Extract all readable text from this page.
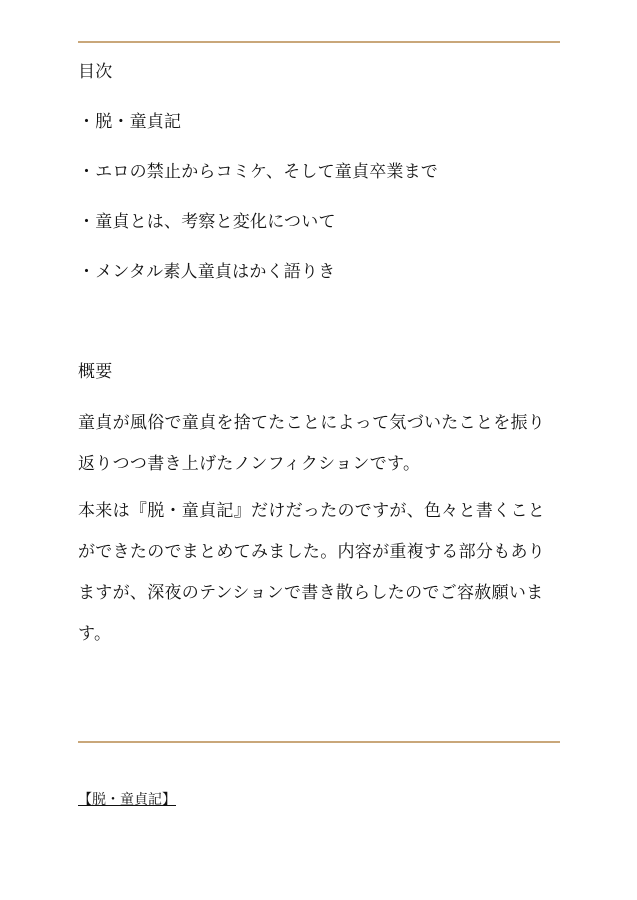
目次
・脱・童貞記
・エロの禁止からコミケ、そして童貞卒業まで
・童貞とは、考察と変化について
・メンタル素人童貞はかく語りき
概要
童貞が風俗で童貞を捨てたことによって気づいたことを振り返りつつ書き上げたノンフィクションです。
本来は『脱・童貞記』だけだったのですが、色々と書くことができたのでまとめてみました。内容が重複する部分もありますが、深夜のテンションで書き散らしたのでご容赦願います。
【脱・童貞記】
